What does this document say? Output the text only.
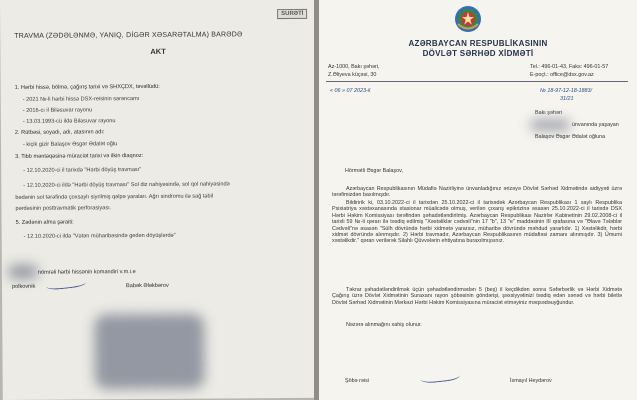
SURƏTİ
TRAVMA (ZƏDƏLƏNMƏ, YANIQ, DİGƏR XƏSARƏTALMA) BARƏDƏ
AKT
1. Hərbi hissə, bölmə, çağırış tarixi və SHXÇDX, təvəllüdü:
- 2021 №-li hərbi hissə DSX-reisinin sərəncamı
- 2016-cı il Biləsuvar rayonu
- 13.03.1993-cü ildə Biləsuvar rayonu
2. Rütbəsi, soyadı, adı, atasının adı:
- kiçik gizir Balaşov Əsgər Ədalət oğlu
3. Tibb məntəqəsinə müraciət tarixi və ilkin diaqnoz:
- 12.10.2020-ci il tarixdə "Hərbi döyüş travması"
- 12.10.2020-ci ildə "Hərbi döyüş travması" Sol diz nahiyəsində, sol qol nahiyəsində
bədənin sol tərəfində çoxsaylı siyrilmiş qəlpə yaraları. Ağrı sindromu ilə sağ təbil
pərdəsinin posttravmatik perforasiyası.
5. Zədənin alma şəraiti:
- 12.10.2020-ci ildə "Vətən müharibəsində gedən döyüşlərdə"
nömrəli hərbi hissənin komandiri v.m.i.e
polkovnik	Babək Ələkbərov
AZƏRBAYCAN RESPUBLİKASININ
DÖVLƏT SƏRHƏD XİDMƏTİ
Az-1000, Bakı şəhəri,
Z.Əliyeva küçəsi, 30
Tel.: 496-01-43, Faks: 496-01-57
E-poçt.: office@dsx.gov.az
« 06 » 07 2023-il	№ 18-97-12-18-1883/
31/21
Bakı şəhəri
ünvanında yaşayan
Balaşov Əsgər Ədalət oğluna
Hörmətli Əsgər Balaşov,
Azərbaycan Respublikasının Müdafiə Nazirliyinə ünvanladığınız ərizəyə Dövlət Sərhəd Xidmətində aidiyyəti üzrə tərəfimizdən baxılmışdır.
Bildiririk ki, 03.10.2022-ci il tarixdən 25.10.2022-ci il tarixədək Azərbaycan Respublikası 1 saylı Respublika Psixiatriya xəstəxanasında stasionar müalicədə olmuş, verilən çıxarış epikrizinə əsasən 25.10.2022-ci il tarixdə DSX Hərbi Həkim Komissiyası tərəfindən şəhadətləndirilmiş. Azərbaycan Respublikası Nazirlər Kabinetinin 29.02.2008-ci il tarixli 59 №-li qərarı ilə təsdiq edilmiş "Xəstəliklər cədvəli"nin 17 "b", 13 "e" maddəsinin III qrafasına və "Əlavə Tələblər Cədvəli"nə əsasən "Sülh dövründə hərbi xidmətə yararsız, müharibə dövründə məhdud yararlıdır. 1) Xəstəlikdir, hərbi xidmət dövründə alınmışdır. 2) Hərbi travmadır, Azərbaycan Respublikasının müdafiəsi zamanı alınmışdır. 3) Ümumi xəstəlikdir." qərarı verilərək Silahlı Qüvvələrin ehtiyatına buraxılmışsınız.
Təkrar şəhadətləndirilmək üçün şəhadətləndirmədən 5 (beş) il keçdikdən sonra Səfərbərlik və Hərbi Xidmətə Çağırış üzrə Dövlət Xidmətinin Suraxanı rayon şöbəsinin göndərişi, şəxsiyyətinizi təsdiq edən sənəd və hərbi biletlə Dövlət Sərhəd Xidmətinin Mərkəzi Hərbi Həkim Komissiyasına müraciət etməyiniz məqsədəuyğundur.
Nəzərə alınmağını xahiş olunur.
Şöbə rəisi	İsmayıl Heydərov
